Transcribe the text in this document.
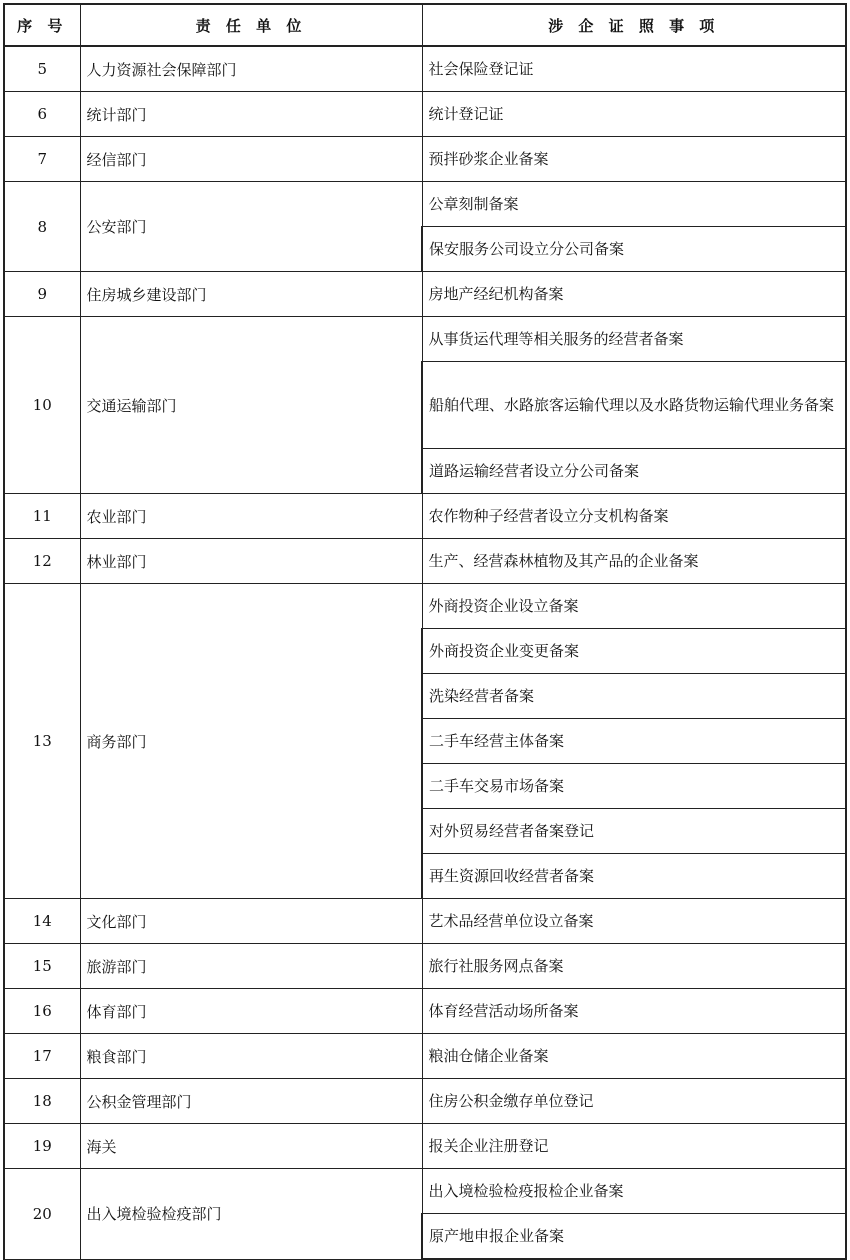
序 号	责 任 单 位	涉 企 证 照 事 项
5	人力资源社会保障部门	社会保险登记证
6	统计部门	统计登记证
7	经信部门	预拌砂浆企业备案
8	公安部门	公章刻制备案
		保安服务公司设立分公司备案
9	住房城乡建设部门	房地产经纪机构备案
10	交通运输部门	从事货运代理等相关服务的经营者备案
		船舶代理、水路旅客运输代理以及水路货物运输代理业务备案
		道路运输经营者设立分公司备案
11	农业部门	农作物种子经营者设立分支机构备案
12	林业部门	生产、经营森林植物及其产品的企业备案
13	商务部门	外商投资企业设立备案
		外商投资企业变更备案
		洗染经营者备案
		二手车经营主体备案
		二手车交易市场备案
		对外贸易经营者备案登记
		再生资源回收经营者备案
14	文化部门	艺术品经营单位设立备案
15	旅游部门	旅行社服务网点备案
16	体育部门	体育经营活动场所备案
17	粮食部门	粮油仓储企业备案
18	公积金管理部门	住房公积金缴存单位登记
19	海关	报关企业注册登记
20	出入境检验检疫部门	出入境检验检疫报检企业备案
		原产地申报企业备案
